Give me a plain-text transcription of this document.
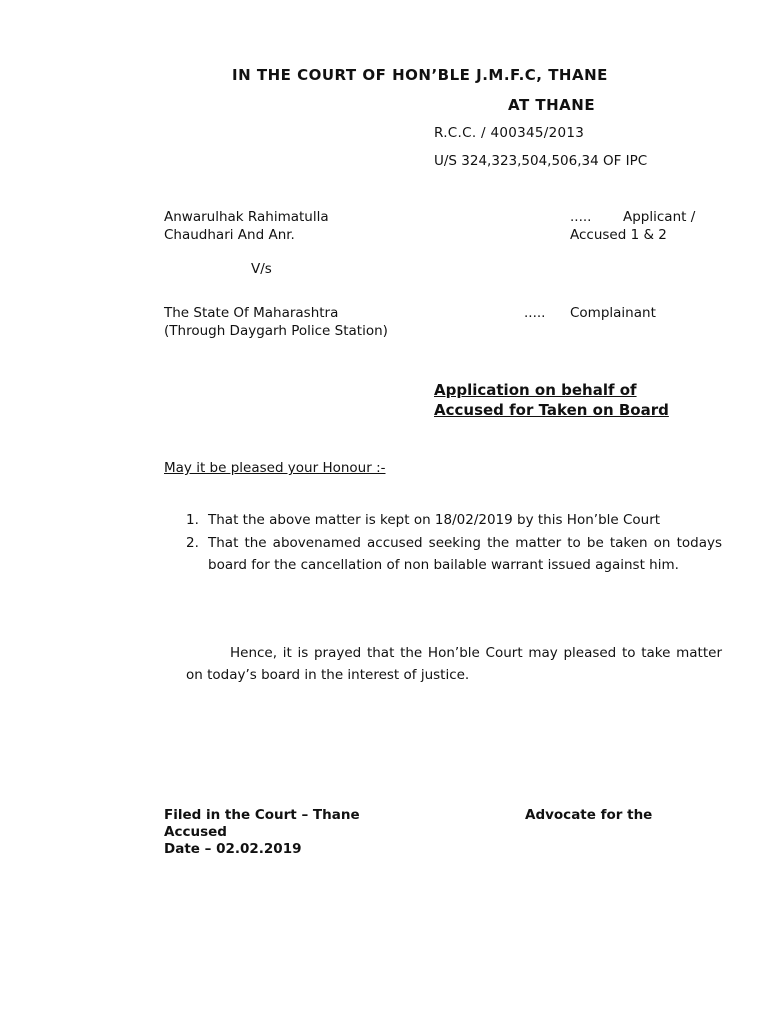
IN THE COURT OF HON’BLE J.M.F.C, THANE
AT THANE
R.C.C. / 400345/2013
U/S 324,323,504,506,34 OF IPC
Anwarulhak Rahimatulla
Chaudhari And Anr.
..... Applicant /
Accused 1 & 2
V/s
The State Of Maharashtra
(Through Daygarh Police Station)
..... Complainant
Application on behalf of
Accused for Taken on Board
May it be pleased your Honour :-
1. That the above matter is kept on 18/02/2019 by this Hon’ble Court
2. That the abovenamed accused seeking the matter to be taken on todays board for the cancellation of non bailable warrant issued against him.
Hence, it is prayed that the Hon’ble Court may pleased to take matter on today’s board in the interest of justice.
Filed in the Court – Thane	Advocate for the
Accused
Date – 02.02.2019
